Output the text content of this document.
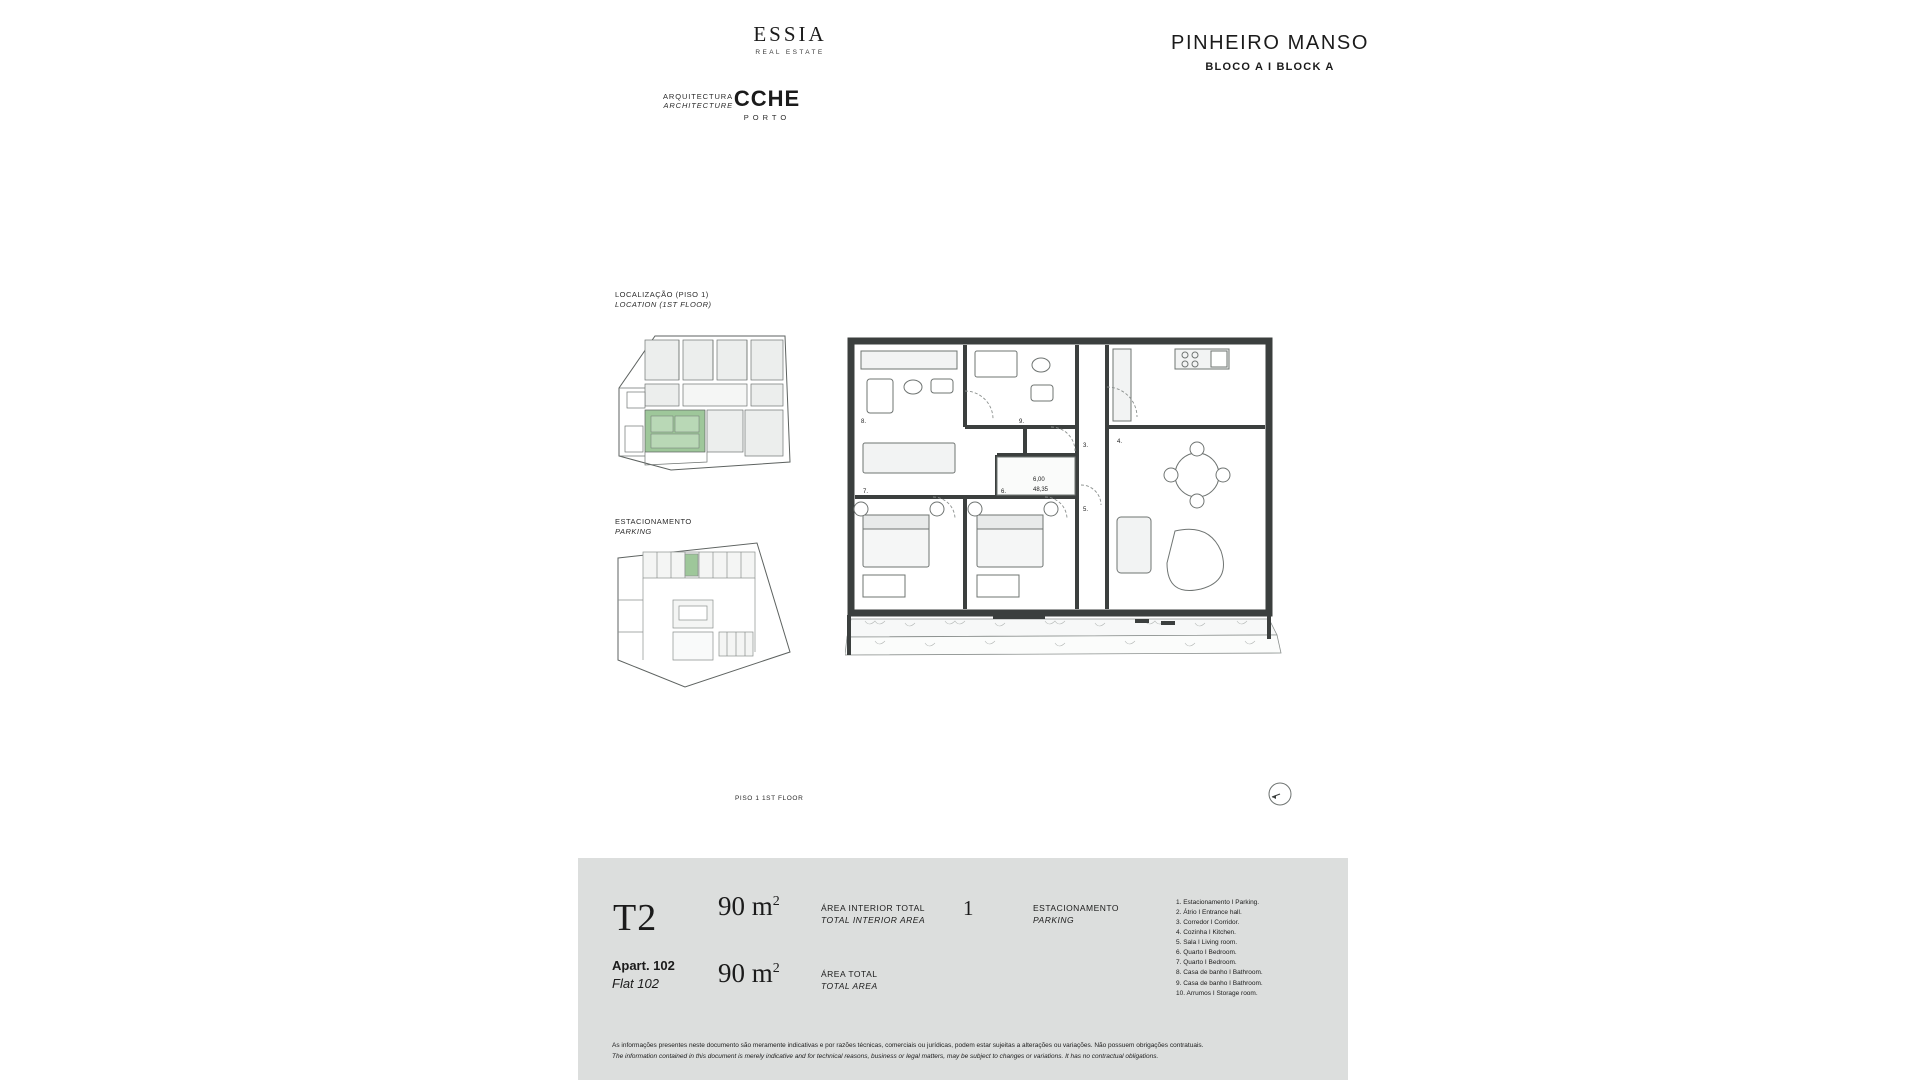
ESSIA
REAL ESTATE
ARQUITECTURA
ARCHITECTURE CCHE
PORTO
PINHEIRO MANSO
BLOCO A I BLOCK A
LOCALIZAÇÃO (PISO 1)
LOCATION (1ST FLOOR)
ESTACIONAMENTO
PARKING
8.	9.
3.
4.
5.
6.
7.	48,35
6,00
PISO 1 1ST FLOOR
T2
Apart. 102
Flat 102
90 $m^2$	ÁREA INTERIOR TOTAL
TOTAL INTERIOR AREA
90 $m^2$	ÁREA TOTAL
TOTAL AREA
1	ESTACIONAMENTO
PARKING
1. Estacionamento I Parking.
2. Átrio I Entrance hall.
3. Corredor I Corridor.
4. Cozinha I Kitchen.
5. Sala I Living room.
6. Quarto I Bedroom.
7. Quarto I Bedroom.
8. Casa de banho I Bathroom.
9. Casa de banho I Bathroom.
10. Arrumos I Storage room.
As informações presentes neste documento são meramente indicativas e por razões técnicas, comerciais ou jurídicas, podem estar sujeitas a alterações ou variações. Não possuem obrigações contratuais.
The information contained in this document is merely indicative and for technical reasons, business or legal matters, may be subject to changes or variations. It has no contractual obligations.
